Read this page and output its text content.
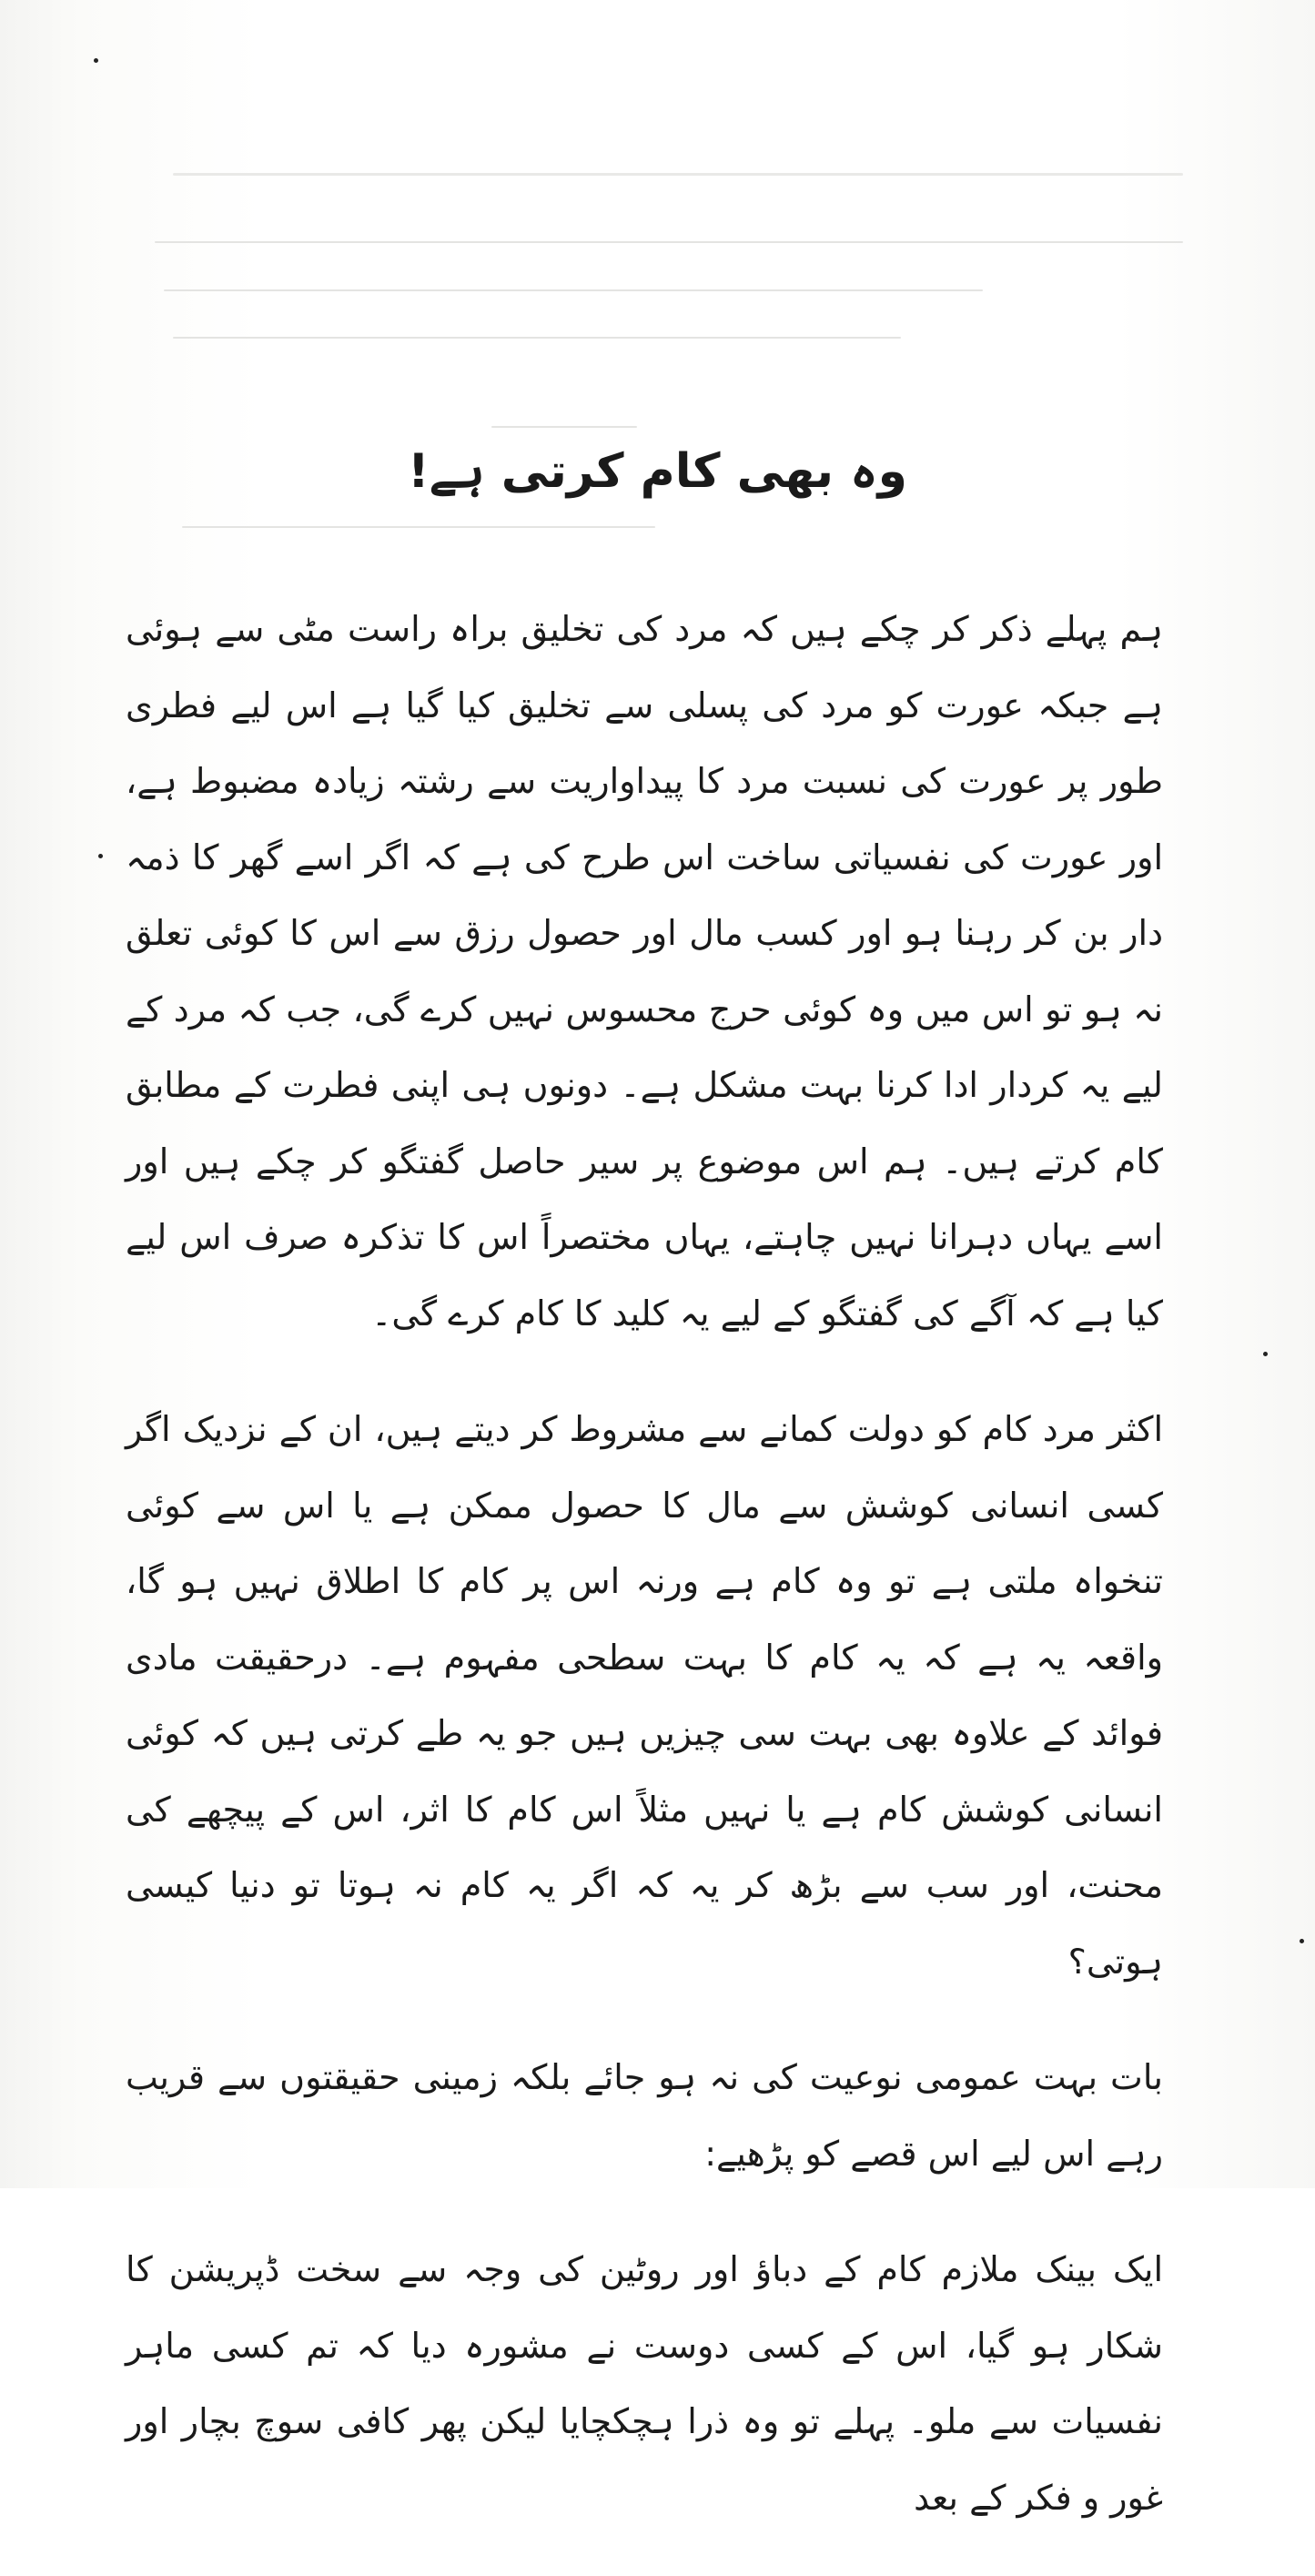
وہ بھی کام کرتی ہے!

ہم پہلے ذکر کر چکے ہیں کہ مرد کی تخلیق براہ راست مٹی سے ہوئی ہے جبکہ عورت کو مرد کی پسلی سے تخلیق کیا گیا ہے اس لیے فطری طور پر عورت کی نسبت مرد کا پیداواریت سے رشتہ زیادہ مضبوط ہے، اور عورت کی نفسیاتی ساخت اس طرح کی ہے کہ اگر اسے گھر کا ذمہ دار بن کر رہنا ہو اور کسب مال اور حصول رزق سے اس کا کوئی تعلق نہ ہو تو اس میں وہ کوئی حرج محسوس نہیں کرے گی، جب کہ مرد کے لیے یہ کردار ادا کرنا بہت مشکل ہے۔ دونوں ہی اپنی فطرت کے مطابق کام کرتے ہیں۔ ہم اس موضوع پر سیر حاصل گفتگو کر چکے ہیں اور اسے یہاں دہرانا نہیں چاہتے، یہاں مختصراً اس کا تذکرہ صرف اس لیے کیا ہے کہ آگے کی گفتگو کے لیے یہ کلید کا کام کرے گی۔

اکثر مرد کام کو دولت کمانے سے مشروط کر دیتے ہیں، ان کے نزدیک اگر کسی انسانی کوشش سے مال کا حصول ممکن ہے یا اس سے کوئی تنخواہ ملتی ہے تو وہ کام ہے ورنہ اس پر کام کا اطلاق نہیں ہو گا، واقعہ یہ ہے کہ یہ کام کا بہت سطحی مفہوم ہے۔ درحقیقت مادی فوائد کے علاوہ بھی بہت سی چیزیں ہیں جو یہ طے کرتی ہیں کہ کوئی انسانی کوشش کام ہے یا نہیں مثلاً اس کام کا اثر، اس کے پیچھے کی محنت، اور سب سے بڑھ کر یہ کہ اگر یہ کام نہ ہوتا تو دنیا کیسی ہوتی؟

بات بہت عمومی نوعیت کی نہ ہو جائے بلکہ زمینی حقیقتوں سے قریب رہے اس لیے اس قصے کو پڑھیے:

ایک بینک ملازم کام کے دباؤ اور روٹین کی وجہ سے سخت ڈپریشن کا شکار ہو گیا، اس کے کسی دوست نے مشورہ دیا کہ تم کسی ماہر نفسیات سے ملو۔ پہلے تو وہ ذرا ہچکچایا لیکن پھر کافی سوچ بچار اور غور و فکر کے بعد
